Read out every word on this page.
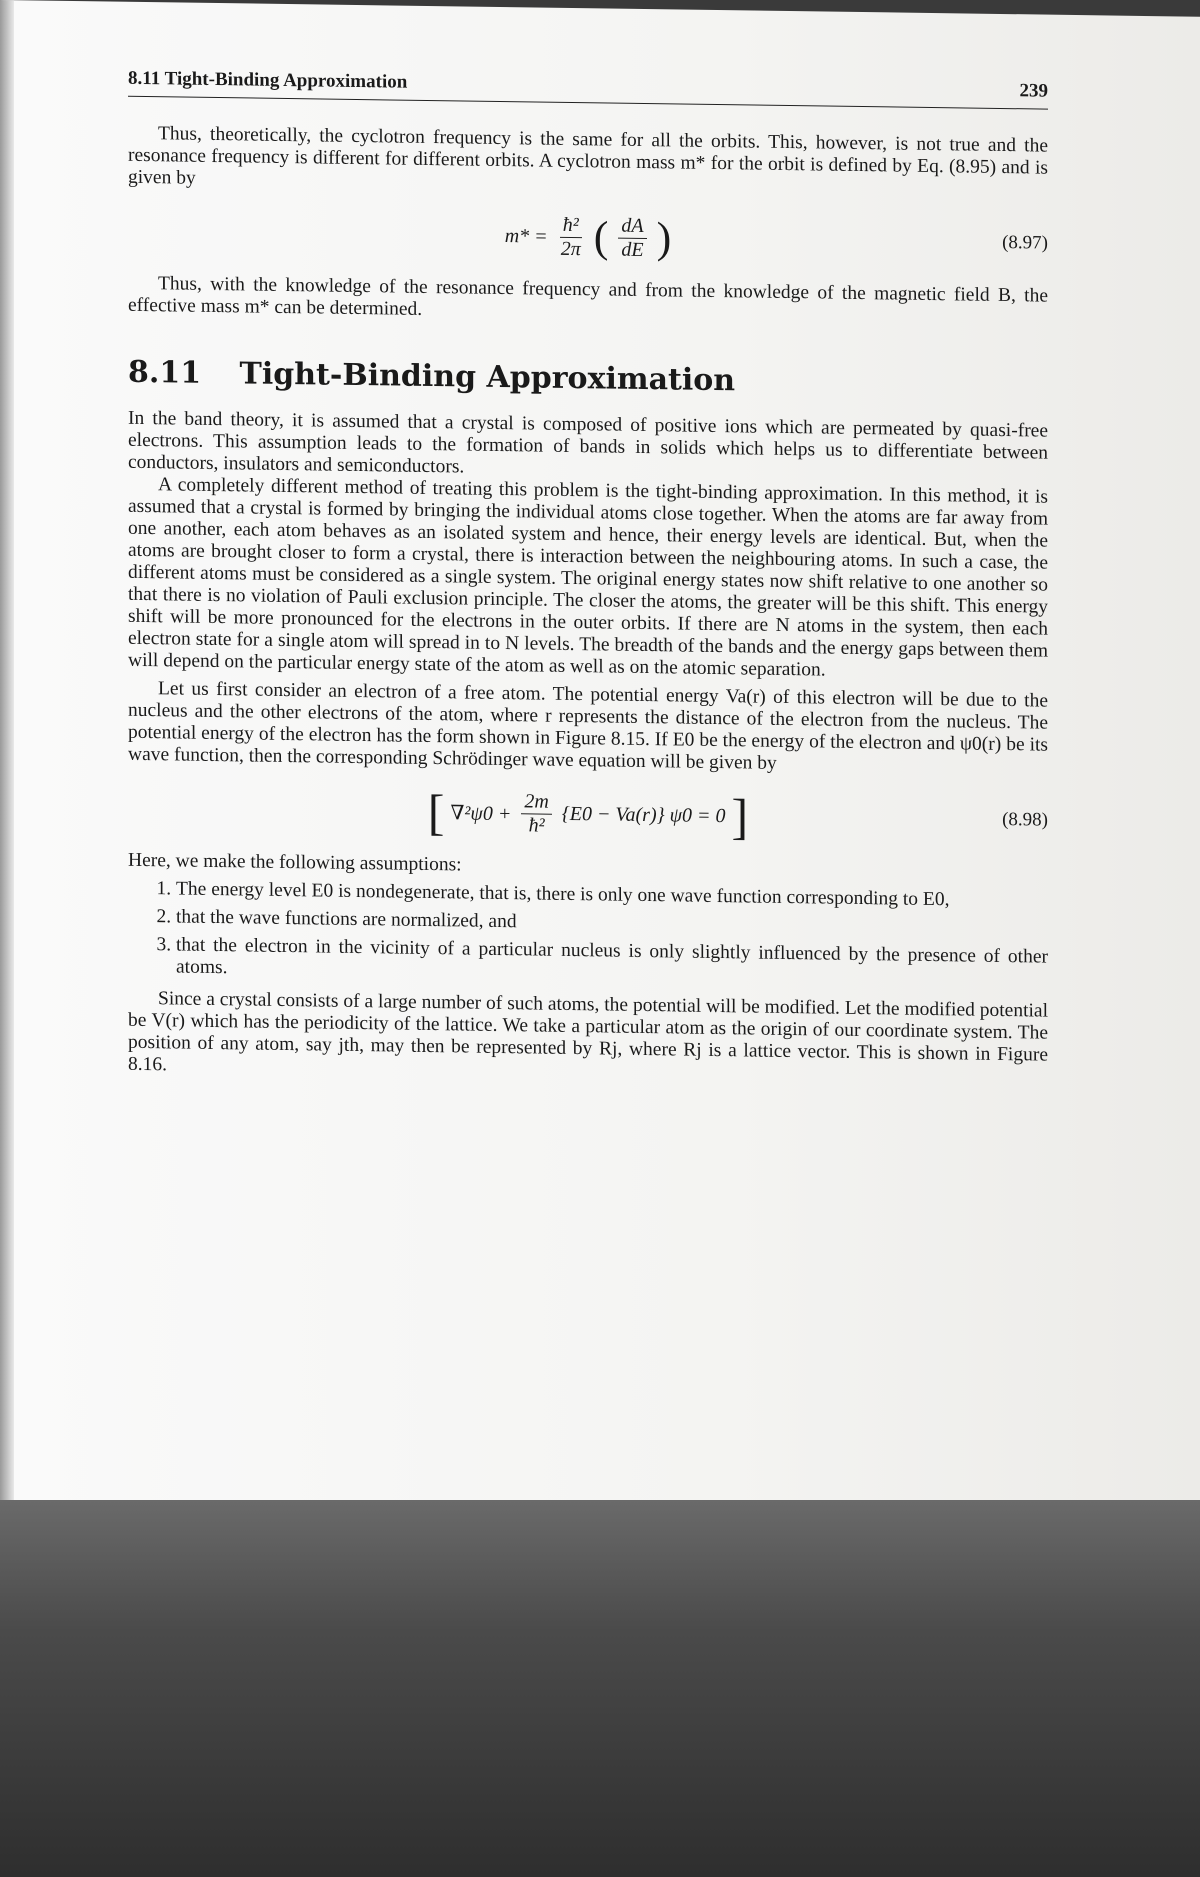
8.11 Tight-Binding Approximation	239

Thus, theoretically, the cyclotron frequency is the same for all the orbits. This, however, is not true and the resonance frequency is different for different orbits. A cyclotron mass m* for the orbit is defined by Eq. (8.95) and is given by

$m* = \frac{\text{ħ²}}{2\pi}$ ( $\frac{dA}{dE}$ )	(8.97)

Thus, with the knowledge of the resonance frequency and from the knowledge of the magnetic field B, the effective mass m* can be determined.

8.11 Tight-Binding Approximation

In the band theory, it is assumed that a crystal is composed of positive ions which are permeated by quasi-free electrons. This assumption leads to the formation of bands in solids which helps us to differentiate between conductors, insulators and semiconductors.

A completely different method of treating this problem is the tight-binding approximation. In this method, it is assumed that a crystal is formed by bringing the individual atoms close together. When the atoms are far away from one another, each atom behaves as an isolated system and hence, their energy levels are identical. But, when the atoms are brought closer to form a crystal, there is interaction between the neighbouring atoms. In such a case, the different atoms must be considered as a single system. The original energy states now shift relative to one another so that there is no violation of Pauli exclusion principle. The closer the atoms, the greater will be this shift. This energy shift will be more pronounced for the electrons in the outer orbits. If there are N atoms in the system, then each electron state for a single atom will spread in to N levels. The breadth of the bands and the energy gaps between them will depend on the particular energy state of the atom as well as on the atomic separation.

Let us first consider an electron of a free atom. The potential energy Va(r) of this electron will be due to the nucleus and the other electrons of the atom, where r represents the distance of the electron from the nucleus. The potential energy of the electron has the form shown in Figure 8.15. If E0 be the energy of the electron and ψ0(r) be its wave function, then the corresponding Schrödinger wave equation will be given by

[ $\nabla^2\psi 0 + \frac{2m}{\text{ħ²}} \{E0 - Va(r)\} \psi 0 = 0$ ]	(8.98)

Here, we make the following assumptions:

1. The energy level E0 is nondegenerate, that is, there is only one wave function corresponding to E0,
2. that the wave functions are normalized, and
3. that the electron in the vicinity of a particular nucleus is only slightly influenced by the presence of other atoms.

Since a crystal consists of a large number of such atoms, the potential will be modified. Let the modified potential be V(r) which has the periodicity of the lattice. We take a particular atom as the origin of our coordinate system. The position of any atom, say jth, may then be represented by Rj, where Rj is a lattice vector. This is shown in Figure 8.16.
